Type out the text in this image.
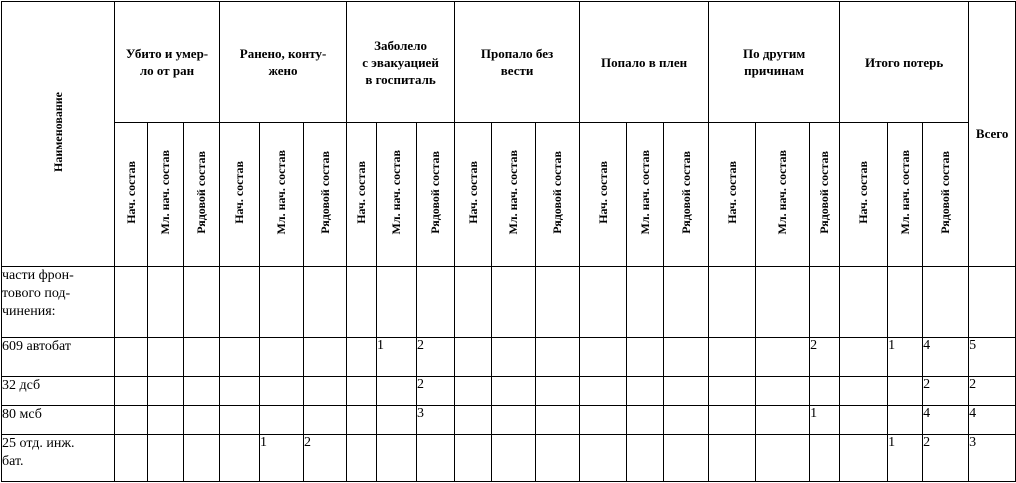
Наименование	Убито и умер-
ло от ран			Ранено, конту-
жено			Заболело
с эвакуацией
в госпиталь			Пропало без
вести			Попало в плен			По другим
причинам			Итого потерь			Всего
	Нач. состав	Мл. нач. состав	Рядовой состав	Нач. состав	Мл. нач. состав	Рядовой состав	Нач. состав	Мл. нач. состав	Рядовой состав	Нач. состав	Мл. нач. состав	Рядовой состав	Нач. состав	Мл. нач. состав	Рядовой состав	Нач. состав	Мл. нач. состав	Рядовой состав	Нач. состав	Мл. нач. состав	Рядовой состав	
части фрон-
тового под-
чинения:																						
609 автобат								1	2									2		1	4	5
32 дсб									2												2	2
80 мсб									3									1			4	4
25 отд. инж.
бат.					1	2														1	2	3
